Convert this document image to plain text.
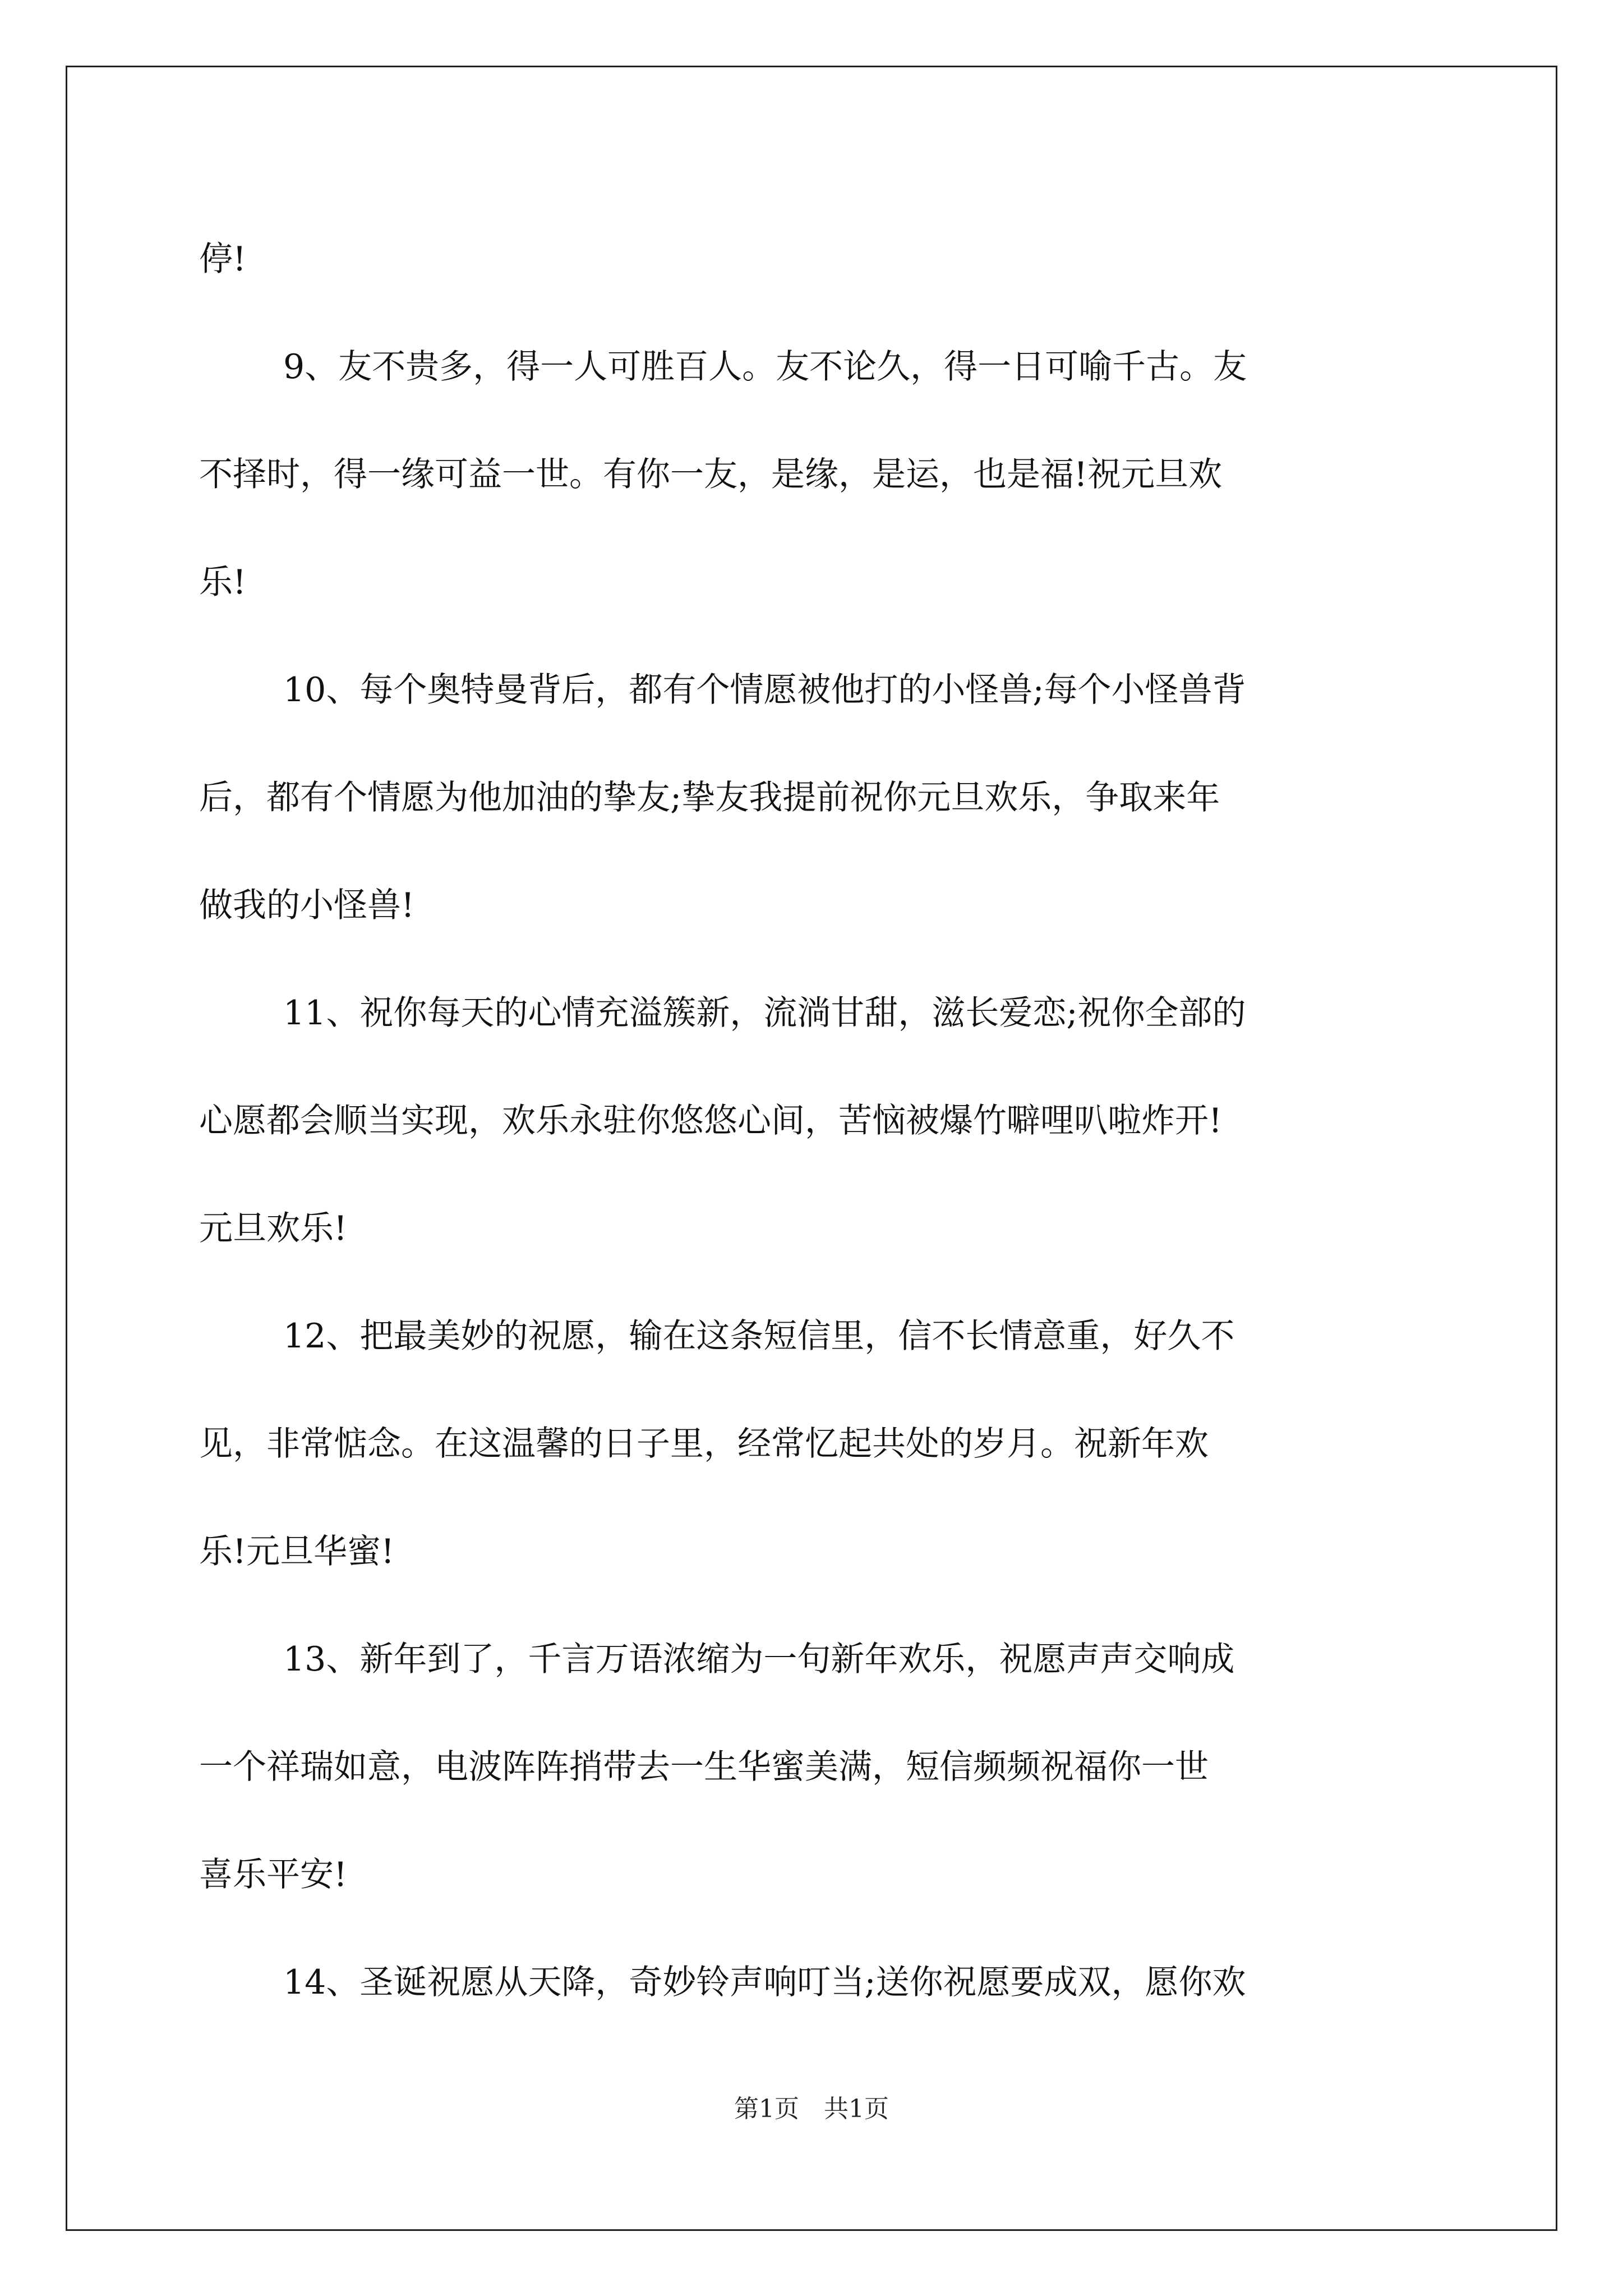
停!
9、友不贵多，得一人可胜百人。友不论久，得一日可喻千古。友
不择时，得一缘可益一世。有你一友，是缘，是运，也是福!祝元旦欢
乐!
10、每个奥特曼背后，都有个情愿被他打的小怪兽;每个小怪兽背
后，都有个情愿为他加油的挚友;挚友我提前祝你元旦欢乐，争取来年
做我的小怪兽!
11、祝你每天的心情充溢簇新，流淌甘甜，滋长爱恋;祝你全部的
心愿都会顺当实现，欢乐永驻你悠悠心间，苦恼被爆竹噼哩叭啦炸开!
元旦欢乐!
12、把最美妙的祝愿，输在这条短信里，信不长情意重，好久不
见，非常惦念。在这温馨的日子里，经常忆起共处的岁月。祝新年欢
乐!元旦华蜜!
13、新年到了，千言万语浓缩为一句新年欢乐，祝愿声声交响成
一个祥瑞如意，电波阵阵捎带去一生华蜜美满，短信频频祝福你一世
喜乐平安!
14、圣诞祝愿从天降，奇妙铃声响叮当;送你祝愿要成双，愿你欢
第1页　共1页
